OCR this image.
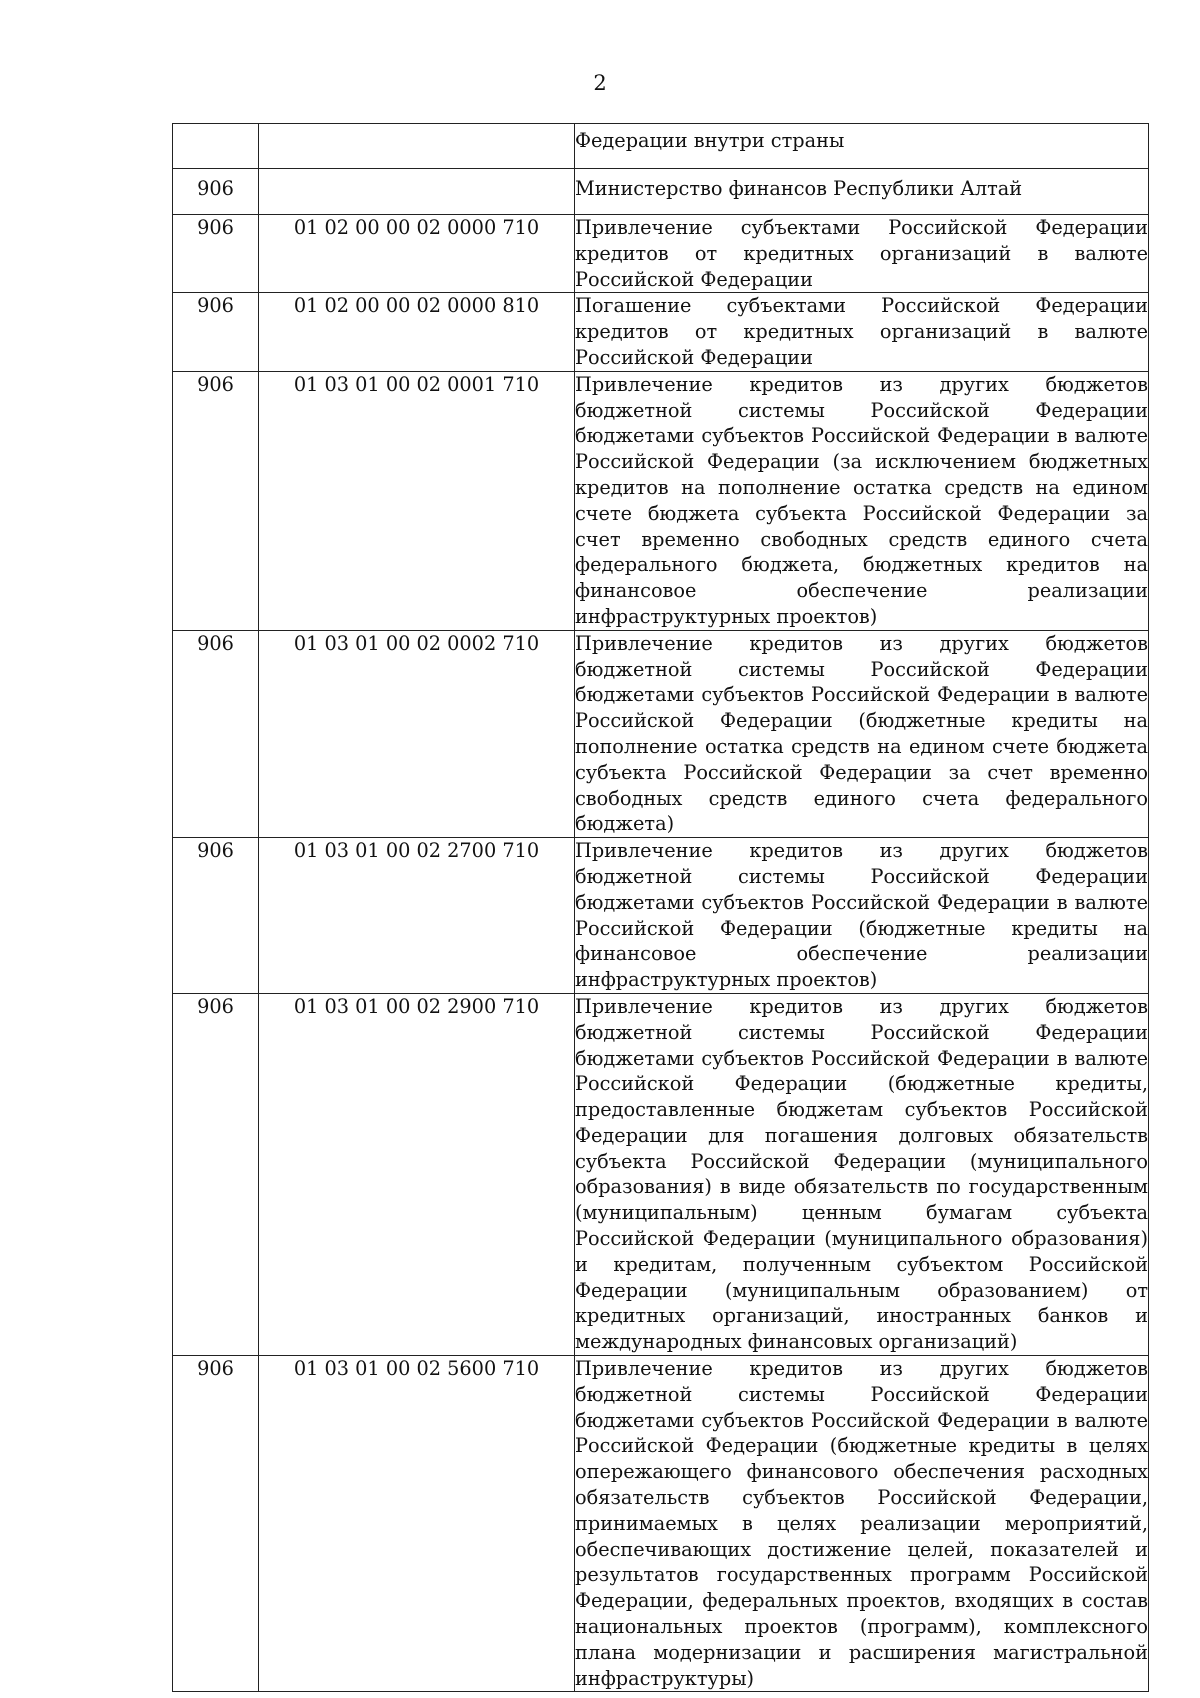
2
		Федерации внутри страны
906		Министерство финансов Республики Алтай
906	01 02 00 00 02 0000 710	Привлечение субъектами Российской Федерации кредитов от кредитных организаций в валюте Российской Федерации
906	01 02 00 00 02 0000 810	Погашение субъектами Российской Федерации кредитов от кредитных организаций в валюте Российской Федерации
906	01 03 01 00 02 0001 710	Привлечение кредитов из других бюджетов бюджетной системы Российской Федерации бюджетами субъектов Российской Федерации в валюте Российской Федерации (за исключением бюджетных кредитов на пополнение остатка средств на едином счете бюджета субъекта Российской Федерации за счет временно свободных средств единого счета федерального бюджета, бюджетных кредитов на финансовое обеспечение реализации инфраструктурных проектов)
906	01 03 01 00 02 0002 710	Привлечение кредитов из других бюджетов бюджетной системы Российской Федерации бюджетами субъектов Российской Федерации в валюте Российской Федерации (бюджетные кредиты на пополнение остатка средств на едином счете бюджета субъекта Российской Федерации за счет временно свободных средств единого счета федерального бюджета)
906	01 03 01 00 02 2700 710	Привлечение кредитов из других бюджетов бюджетной системы Российской Федерации бюджетами субъектов Российской Федерации в валюте Российской Федерации (бюджетные кредиты на финансовое обеспечение реализации инфраструктурных проектов)
906	01 03 01 00 02 2900 710	Привлечение кредитов из других бюджетов бюджетной системы Российской Федерации бюджетами субъектов Российской Федерации в валюте Российской Федерации (бюджетные кредиты, предоставленные бюджетам субъектов Российской Федерации для погашения долговых обязательств субъекта Российской Федерации (муниципального образования) в виде обязательств по государственным (муниципальным) ценным бумагам субъекта Российской Федерации (муниципального образования) и кредитам, полученным субъектом Российской Федерации (муниципальным образованием) от кредитных организаций, иностранных банков и международных финансовых организаций)
906	01 03 01 00 02 5600 710	Привлечение кредитов из других бюджетов бюджетной системы Российской Федерации бюджетами субъектов Российской Федерации в валюте Российской Федерации (бюджетные кредиты в целях опережающего финансового обеспечения расходных обязательств субъектов Российской Федерации, принимаемых в целях реализации мероприятий, обеспечивающих достижение целей, показателей и результатов государственных программ Российской Федерации, федеральных проектов, входящих в состав национальных проектов (программ), комплексного плана модернизации и расширения магистральной инфраструктуры)
